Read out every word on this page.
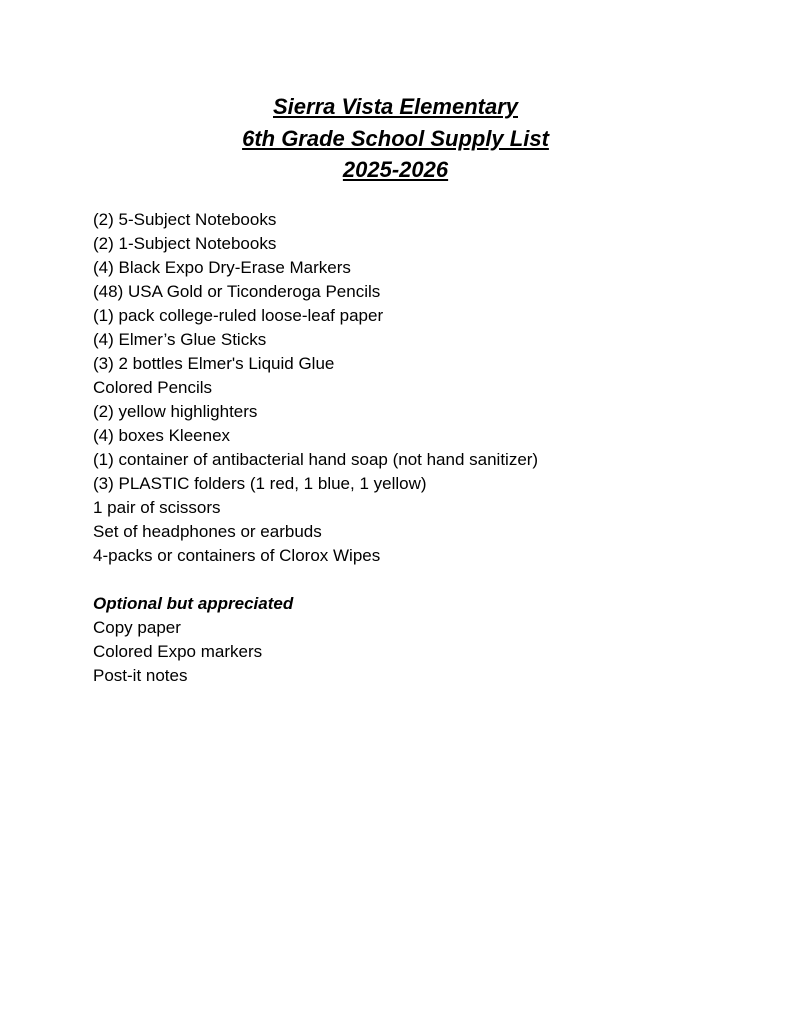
Sierra Vista Elementary

6th Grade School Supply List

2025-2026

(2) 5-Subject Notebooks
(2) 1-Subject Notebooks
(4) Black Expo Dry-Erase Markers
(48) USA Gold or Ticonderoga Pencils
(1) pack college-ruled loose-leaf paper
(4) Elmer’s Glue Sticks
(3) 2 bottles Elmer's Liquid Glue
Colored Pencils
(2) yellow highlighters
(4) boxes Kleenex
(1) container of antibacterial hand soap (not hand sanitizer)
(3) PLASTIC folders (1 red, 1 blue, 1 yellow)
1 pair of scissors
Set of headphones or earbuds
4-packs or containers of Clorox Wipes

Optional but appreciated

Copy paper
Colored Expo markers
Post-it notes
